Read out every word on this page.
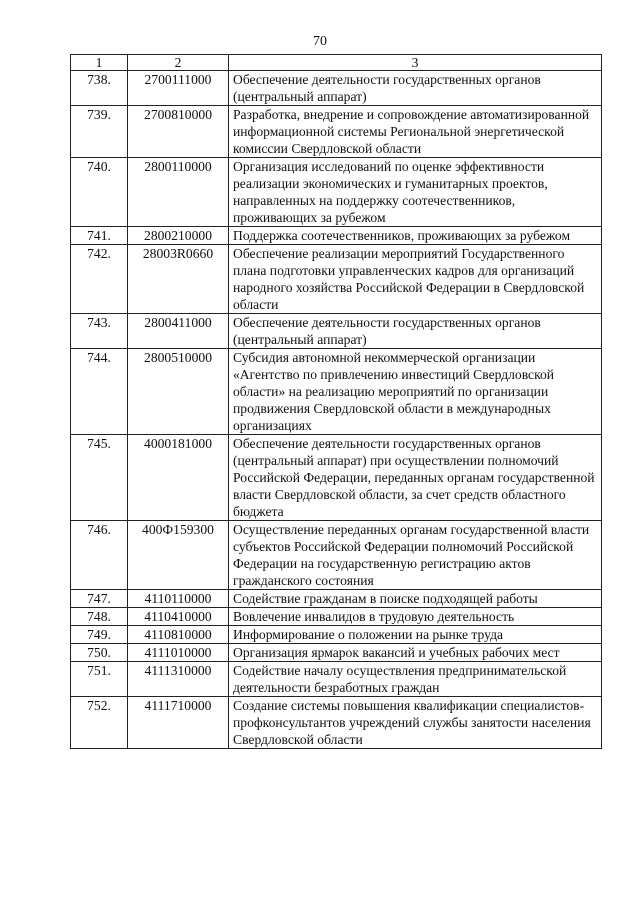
70
1	2	3
738.	2700111000	Обеспечение деятельности государственных органов (центральный аппарат)
739.	2700810000	Разработка, внедрение и сопровождение автоматизированной информационной системы Региональной энергетической комиссии Свердловской области
740.	2800110000	Организация исследований по оценке эффективности реализации экономических и гуманитарных проектов, направленных на поддержку соотечественников, проживающих за рубежом
741.	2800210000	Поддержка соотечественников, проживающих за рубежом
742.	28003R0660	Обеспечение реализации мероприятий Государственного плана подготовки управленческих кадров для организаций народного хозяйства Российской Федерации в Свердловской области
743.	2800411000	Обеспечение деятельности государственных органов (центральный аппарат)
744.	2800510000	Субсидия автономной некоммерческой организации «Агентство по привлечению инвестиций Свердловской области» на реализацию мероприятий по организации продвижения Свердловской области в международных организациях
745.	4000181000	Обеспечение деятельности государственных органов (центральный аппарат) при осуществлении полномочий Российской Федерации, переданных органам государственной власти Свердловской области, за счет средств областного бюджета
746.	400Ф159300	Осуществление переданных органам государственной власти субъектов Российской Федерации полномочий Российской Федерации на государственную регистрацию актов гражданского состояния
747.	4110110000	Содействие гражданам в поиске подходящей работы
748.	4110410000	Вовлечение инвалидов в трудовую деятельность
749.	4110810000	Информирование о положении на рынке труда
750.	4111010000	Организация ярмарок вакансий и учебных рабочих мест
751.	4111310000	Содействие началу осуществления предпринимательской деятельности безработных граждан
752.	4111710000	Создание системы повышения квалификации специалистов-профконсультантов учреждений службы занятости населения Свердловской области
